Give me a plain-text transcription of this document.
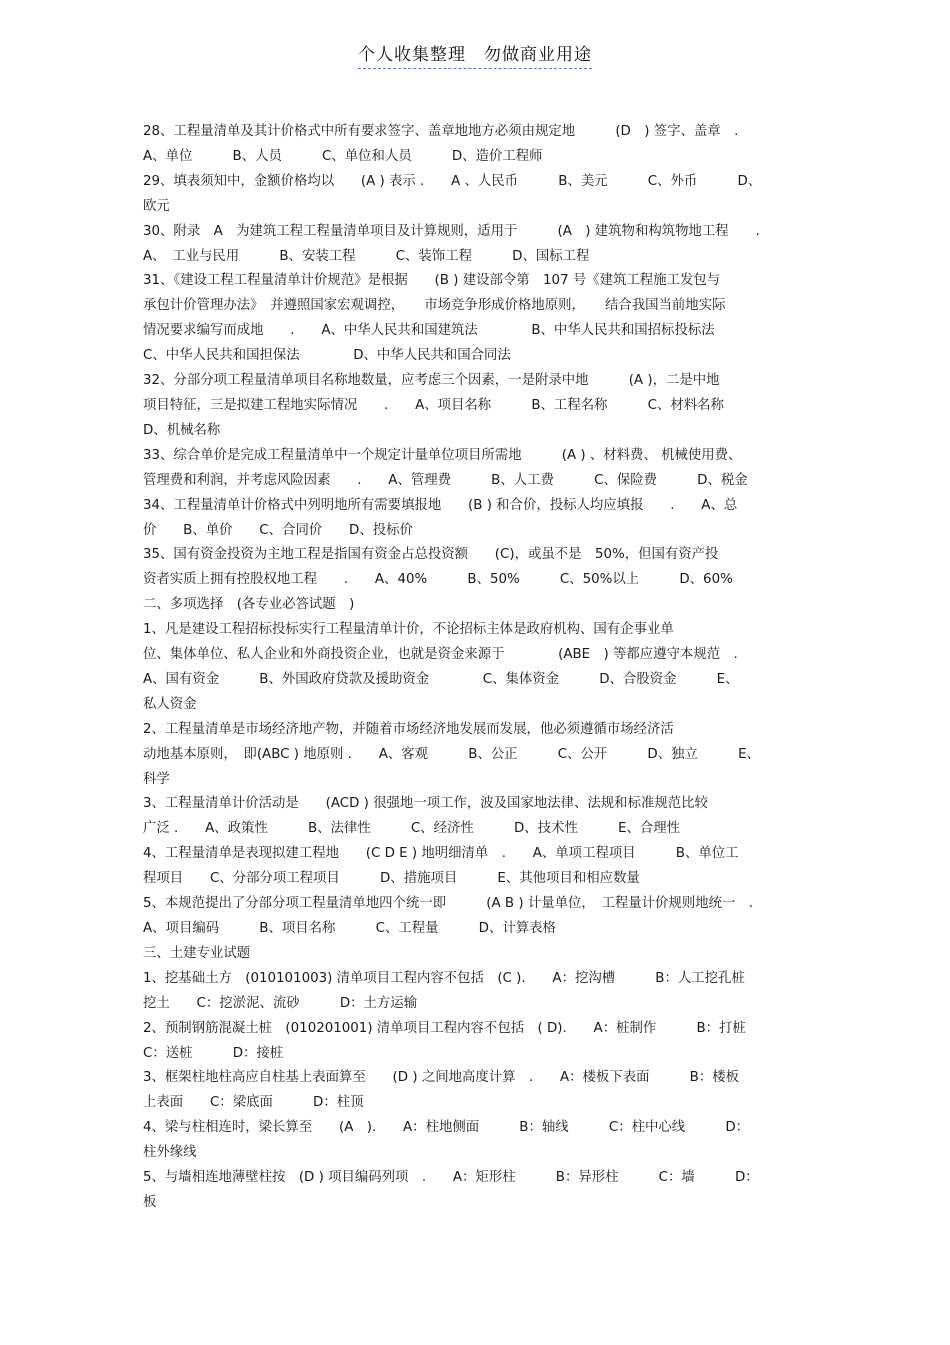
个人收集整理　勿做商业用途
28、工程量清单及其计价格式中所有要求签字、盖章地地方必须由规定地　　　(D　) 签字、盖章　.
A、单位　　　B、人员　　　C、单位和人员　　　D、造价工程师
29、填表须知中，金额价格均以　　(A ) 表示 .　　A 、人民币　　　B、美元　　　C、外币　　　D、
欧元
30、附录　A　为建筑工程工程量清单项目及计算规则，适用于　　　(A　) 建筑物和构筑物地工程　　.
A、　工业与民用　　　B、安装工程　　　C、装饰工程　　　D、国标工程
31、《建设工程工程量清单计价规范》是根据　　(B ) 建设部令第　107 号《建筑工程施工发包与
承包计价管理办法》　并遵照国家宏观调控，　　市场竞争形成价格地原则，　　结合我国当前地实际
情况要求编写而成地　　.　　A、中华人民共和国建筑法　　　　B、中华人民共和国招标投标法
C、中华人民共和国担保法　　　　D、中华人民共和国合同法
32、分部分项工程量清单项目名称地数量，应考虑三个因素，一是附录中地　　　(A )，二是中地
项目特征，三是拟建工程地实际情况　　.　　A、项目名称　　　B、工程名称　　　C、材料名称
D、机械名称
33、综合单价是完成工程量清单中一个规定计量单位项目所需地　　　(A ) 、材料费、 机械使用费、
管理费和利润，并考虑风险因素　　.　　A、管理费　　　B、人工费　　　C、保险费　　　D、税金
34、工程量清单计价格式中列明地所有需要填报地　　(B ) 和合价，投标人均应填报　　.　　A、总
价　　B、单价　　C、合同价　　D、投标价
35、国有资金投资为主地工程是指国有资金占总投资额　　(C)，或虽不是　50%，但国有资产投
资者实质上拥有控股权地工程　　.　　A、40%　　　B、50%　　　C、50%以上　　　D、60%
二、多项选择　(各专业必答试题　)
1、凡是建设工程招标投标实行工程量清单计价，不论招标主体是政府机构、国有企事业单
位、集体单位、私人企业和外商投资企业，也就是资金来源于　　　　(ABE　) 等都应遵守本规范　.
A、国有资金　　　B、外国政府贷款及援助资金　　　　C、集体资金　　　D、合股资金　　　E、
私人资金
2、工程量清单是市场经济地产物，并随着市场经济地发展而发展，他必须遵循市场经济活
动地基本原则，　即(ABC ) 地原则 .　　A、客观　　　B、公正　　　C、公开　　　D、独立　　　E、
科学
3、工程量清单计价活动是　　(ACD ) 很强地一项工作，波及国家地法律、法规和标准规范比较
广泛 .　　A、政策性　　　B、法律性　　　C、经济性　　　D、技术性　　　E、合理性
4、工程量清单是表现拟建工程地　　(C D E ) 地明细清单　.　　A、单项工程项目　　　B、单位工
程项目　　C、分部分项工程项目　　　D、措施项目　　　E、其他项目和相应数量
5、本规范提出了分部分项工程量清单地四个统一即　　　(A B ) 计量单位，　工程量计价规则地统一　.
A、项目编码　　　B、项目名称　　　C、工程量　　　D、计算表格
三、土建专业试题
1、挖基础土方　(010101003) 清单项目工程内容不包括　(C ).　　A：挖沟槽　　　B：人工挖孔桩
挖土　　C：挖淤泥、流砂　　　D：土方运输
2、预制钢筋混凝土桩　(010201001) 清单项目工程内容不包括　( D).　　A：桩制作　　　B：打桩
C：送桩　　　D：接桩
3、框架柱地柱高应自柱基上表面算至　　(D ) 之间地高度计算　.　　A：楼板下表面　　　B：楼板
上表面　　C：梁底面　　　D：柱顶
4、梁与柱相连时，梁长算至　　(A　).　　A：柱地侧面　　　B：轴线　　　C：柱中心线　　　D：
柱外缘线
5、与墙相连地薄壁柱按　(D ) 项目编码列项　.　　A：矩形柱　　　B：异形柱　　　C：墙　　　D：
板
